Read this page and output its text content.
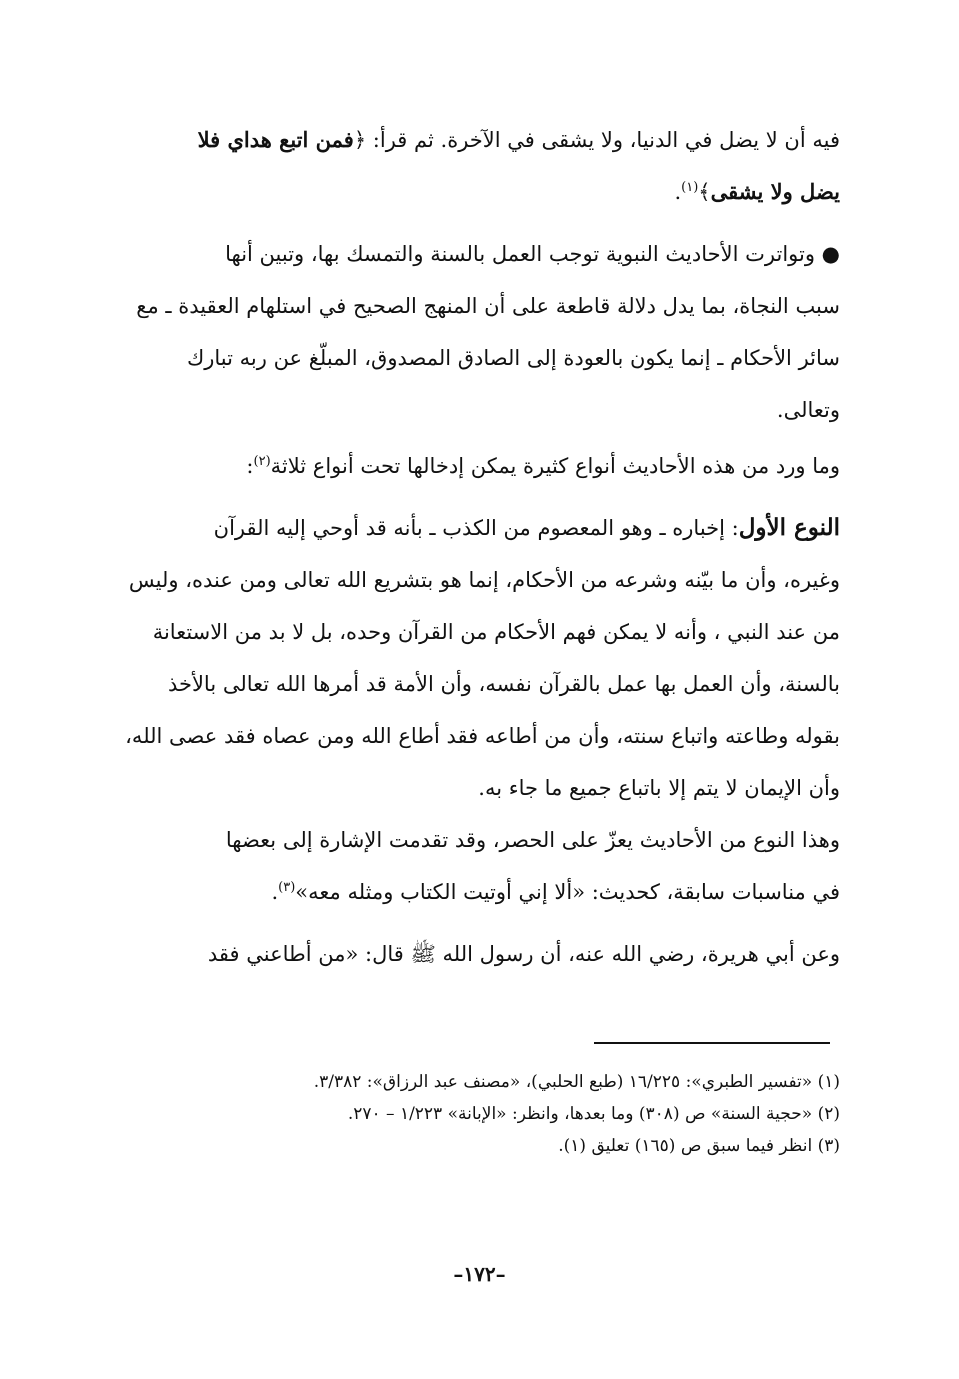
فيه أن لا يضل في الدنيا، ولا يشقى في الآخرة. ثم قرأ: ﴿فمن اتبع هداي فلا
يضل ولا يشقى﴾$^{(١)}$.
● وتواترت الأحاديث النبوية توجب العمل بالسنة والتمسك بها، وتبين أنها
سبب النجاة، بما يدل دلالة قاطعة على أن المنهج الصحيح في استلهام العقيدة ـ مع
سائر الأحكام ـ إنما يكون بالعودة إلى الصادق المصدوق، المبلّغ عن ربه تبارك
وتعالى.
وما ورد من هذه الأحاديث أنواع كثيرة يمكن إدخالها تحت أنواع ثلاثة$^{(٢)}$:
النوع الأول: إخباره ـ وهو المعصوم من الكذب ـ بأنه قد أوحي إليه القرآن
وغيره، وأن ما بيّنه وشرعه من الأحكام، إنما هو بتشريع الله تعالى ومن عنده، وليس
من عند النبي ، وأنه لا يمكن فهم الأحكام من القرآن وحده، بل لا بد من الاستعانة
بالسنة، وأن العمل بها عمل بالقرآن نفسه، وأن الأمة قد أمرها الله تعالى بالأخذ
بقوله وطاعته واتباع سنته، وأن من أطاعه فقد أطاع الله ومن عصاه فقد عصى الله،
وأن الإيمان لا يتم إلا باتباع جميع ما جاء به.
وهذا النوع من الأحاديث يعزّ على الحصر، وقد تقدمت الإشارة إلى بعضها
في مناسبات سابقة، كحديث: «ألا إني أوتيت الكتاب ومثله معه»$^{(٣)}$.
وعن أبي هريرة، رضي الله عنه، أن رسول الله ﷺ قال: «من أطاعني فقد
(١) «تفسير الطبري»: ١٦/٢٢٥ (طبع الحلبي)، «مصنف عبد الرزاق»: ٣/٣٨٢.
(٢) «حجية السنة» ص (٣٠٨) وما بعدها، وانظر: «الإبانة» ١/٢٢٣ – ٢٧٠.
(٣) انظر فيما سبق ص (١٦٥) تعليق (١).
–١٧٢–
